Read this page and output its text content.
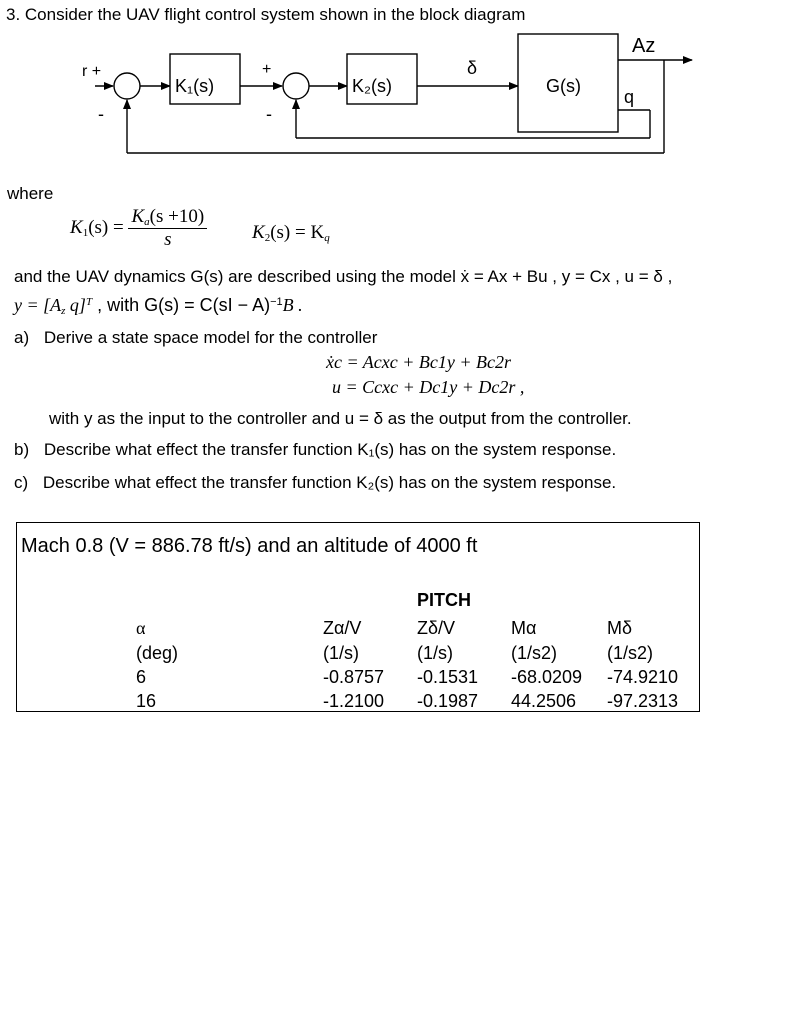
3. Consider the UAV flight control system shown in the block diagram
r +
-
+
-
K₁(s)	K₂(s)
δ
G(s)
Az
q
where
$K_1(s) = \frac{K_a(s +10)}{s} K_2(s) = K_q$
and the UAV dynamics G(s) are described using the model ẋ = Ax + Bu , y = Cx , u = δ ,
$y = [A_z$ q]$^T$ , with G(s) = C(sI − A)$^{-1}$B .
a) Derive a state space model for the controller
ẋc = Acxc + Bc1y + Bc2r
u = Ccxc + Dc1y + Dc2r ,
with y as the input to the controller and u = δ as the output from the controller.
b) Describe what effect the transfer function K₁(s) has on the system response.
c) Describe what effect the transfer function K₂(s) has on the system response.
Mach 0.8 (V = 886.78 ft/s) and an altitude of 4000 ft
PITCH
α	Zα/V	Zδ/V	Mα	Mδ
(deg)	(1/s)	(1/s)	(1/s2)	(1/s2)
6	-0.8757 -0.1531 -68.0209 -74.9210
16	-1.2100 -0.1987 44.2506 -97.2313
